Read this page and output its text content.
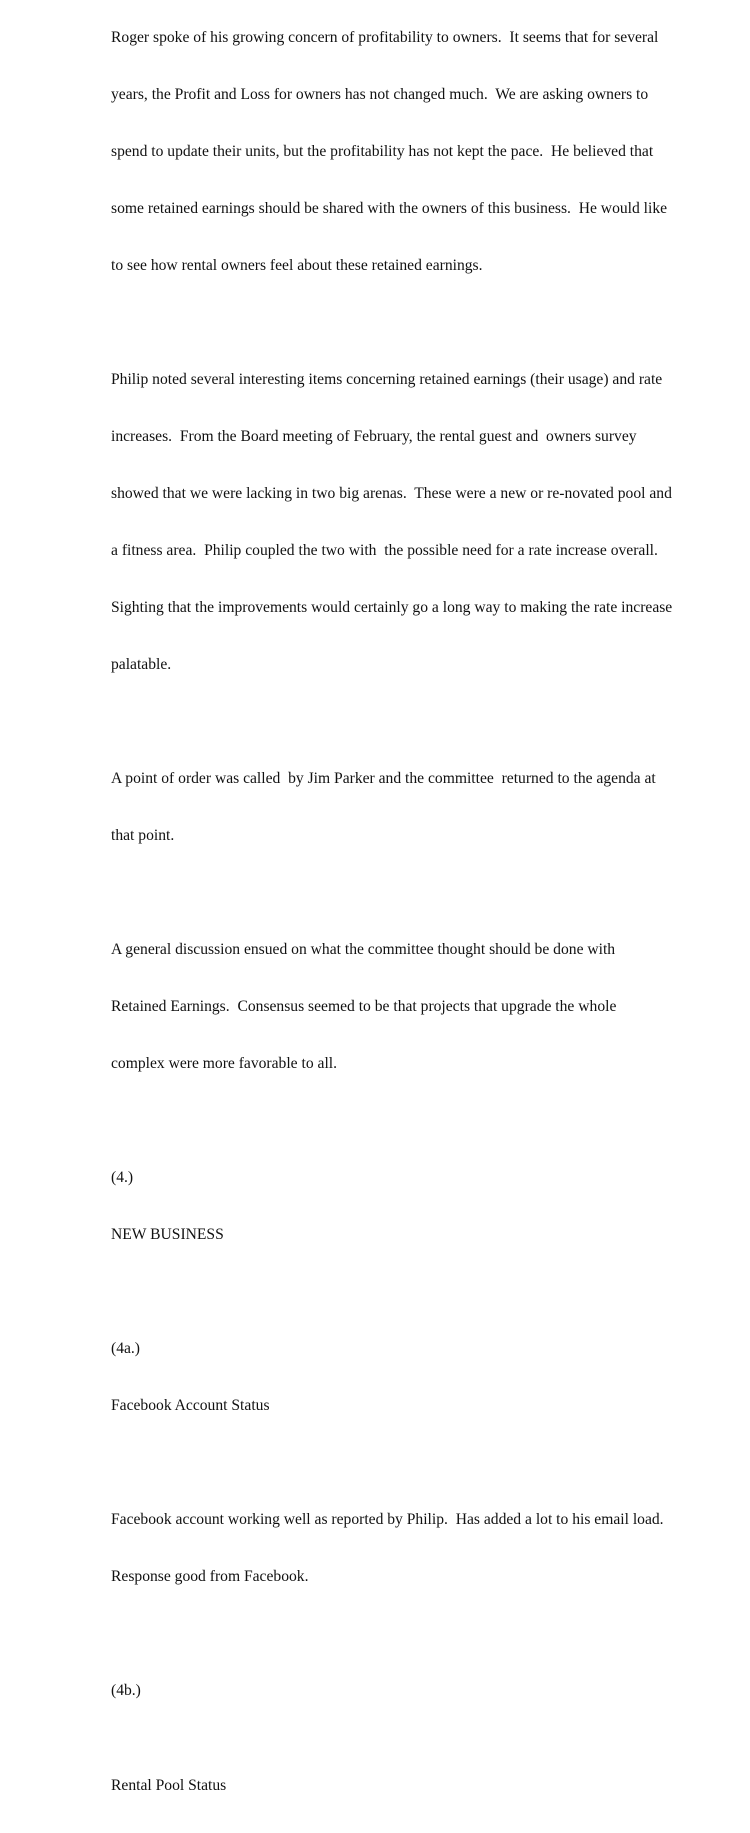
Roger spoke of his growing concern of profitability to owners.  It seems that for several

years, the Profit and Loss for owners has not changed much.  We are asking owners to

spend to update their units, but the profitability has not kept the pace.  He believed that

some retained earnings should be shared with the owners of this business.  He would like

to see how rental owners feel about these retained earnings.

Philip noted several interesting items concerning retained earnings (their usage) and rate

increases.  From the Board meeting of February, the rental guest and  owners survey

showed that we were lacking in two big arenas.  These were a new or re-novated pool and

a fitness area.  Philip coupled the two with  the possible need for a rate increase overall.

Sighting that the improvements would certainly go a long way to making the rate increase

palatable.

A point of order was called  by Jim Parker and the committee  returned to the agenda at

that point.

A general discussion ensued on what the committee thought should be done with

Retained Earnings.  Consensus seemed to be that projects that upgrade the whole

complex were more favorable to all.

(4.)

NEW BUSINESS

(4a.)

Facebook Account Status

Facebook account working well as reported by Philip.  Has added a lot to his email load.

Response good from Facebook.

(4b.)

Rental Pool Status
